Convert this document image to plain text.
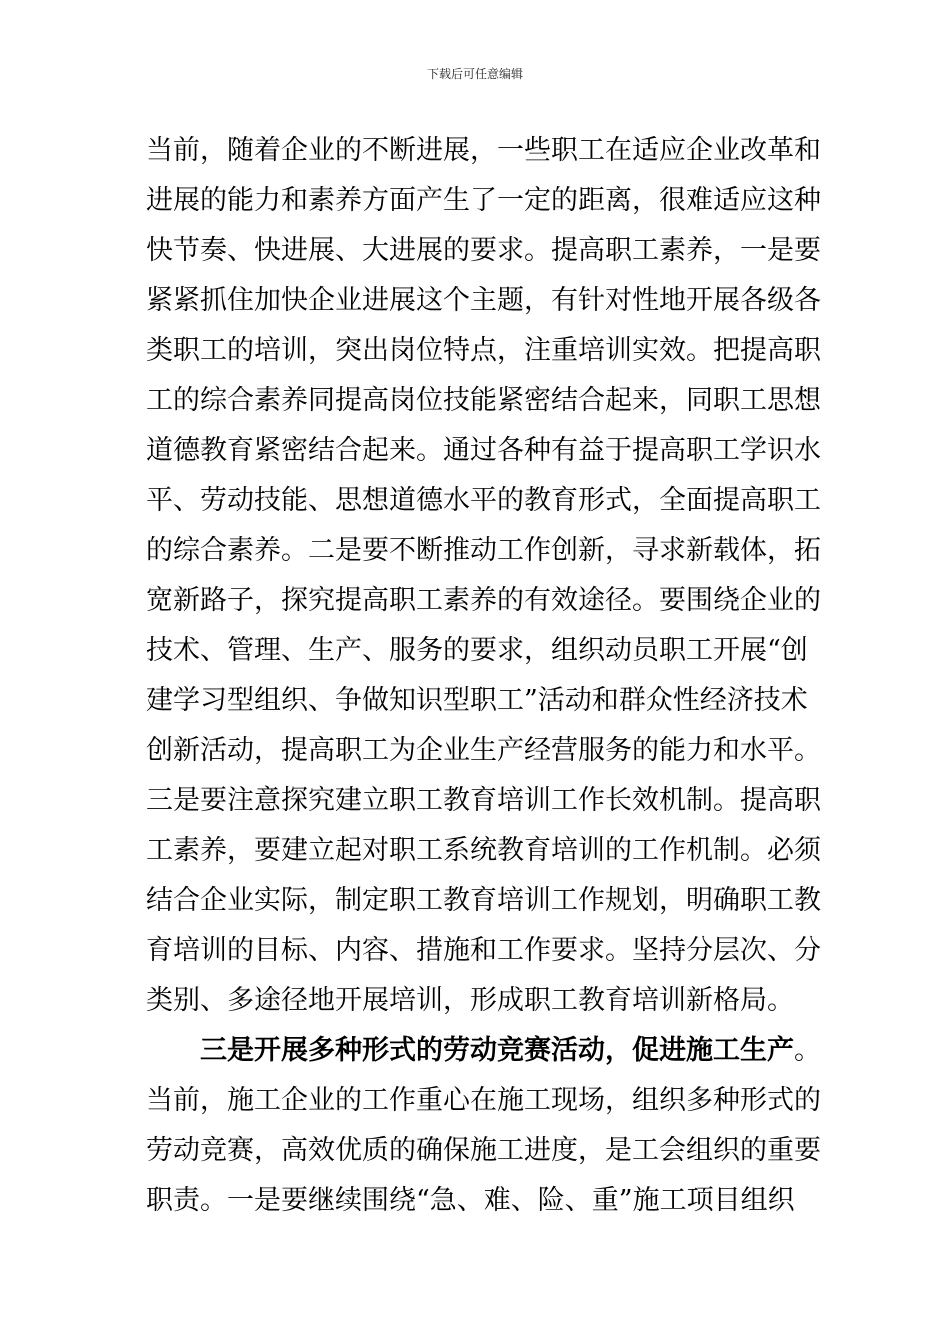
下载后可任意编辑
当前，随着企业的不断进展，一些职工在适应企业改革和
进展的能力和素养方面产生了一定的距离，很难适应这种
快节奏、快进展、大进展的要求。提高职工素养，一是要
紧紧抓住加快企业进展这个主题，有针对性地开展各级各
类职工的培训，突出岗位特点，注重培训实效。把提高职
工的综合素养同提高岗位技能紧密结合起来，同职工思想
道德教育紧密结合起来。通过各种有益于提高职工学识水
平、劳动技能、思想道德水平的教育形式，全面提高职工
的综合素养。二是要不断推动工作创新，寻求新载体，拓
宽新路子，探究提高职工素养的有效途径。要围绕企业的
技术、管理、生产、服务的要求，组织动员职工开展“创
建学习型组织、争做知识型职工”活动和群众性经济技术
创新活动，提高职工为企业生产经营服务的能力和水平。
三是要注意探究建立职工教育培训工作长效机制。提高职
工素养，要建立起对职工系统教育培训的工作机制。必须
结合企业实际，制定职工教育培训工作规划，明确职工教
育培训的目标、内容、措施和工作要求。坚持分层次、分
类别、多途径地开展培训，形成职工教育培训新格局。
三是开展多种形式的劳动竞赛活动，促进施工生产。
当前，施工企业的工作重心在施工现场，组织多种形式的
劳动竞赛，高效优质的确保施工进度，是工会组织的重要
职责。一是要继续围绕“急、难、险、重”施工项目组织
